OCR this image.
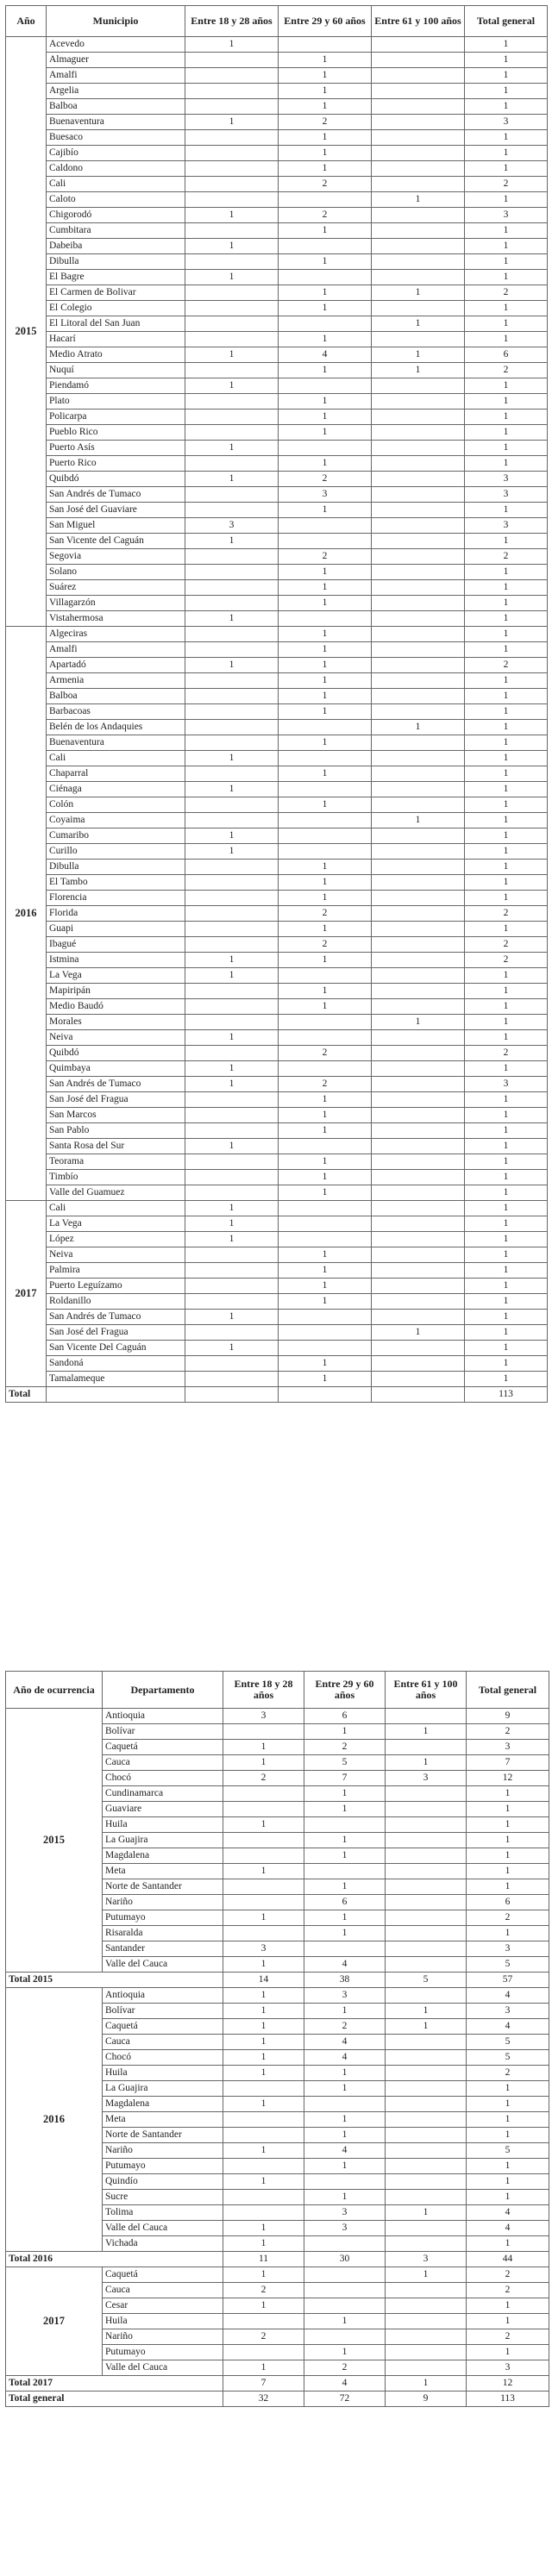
Año	Municipio	Entre 18 y 28 años	Entre 29 y 60 años	Entre 61 y 100 años	Total general
2015	Acevedo	1			1
	Almaguer		1		1
	Amalfi		1		1
	Argelia		1		1
	Balboa		1		1
	Buenaventura	1	2		3
	Buesaco		1		1
	Cajibío		1		1
	Caldono		1		1
	Cali		2		2
	Caloto			1	1
	Chigorodó	1	2		3
	Cumbitara		1		1
	Dabeiba	1			1
	Dibulla		1		1
	El Bagre	1			1
	El Carmen de Bolivar		1	1	2
	El Colegio		1		1
	El Litoral del San Juan			1	1
	Hacarí		1		1
	Medio Atrato	1	4	1	6
	Nuquí		1	1	2
	Piendamó	1			1
	Plato		1		1
	Policarpa		1		1
	Pueblo Rico		1		1
	Puerto Asís	1			1
	Puerto Rico		1		1
	Quibdó	1	2		3
	San Andrés de Tumaco		3		3
	San José del Guaviare		1		1
	San Miguel	3			3
	San Vicente del Caguán	1			1
	Segovia		2		2
	Solano		1		1
	Suárez		1		1
	Villagarzón		1		1
	Vistahermosa	1			1
2016	Algeciras		1		1
	Amalfi		1		1
	Apartadó	1	1		2
	Armenia		1		1
	Balboa		1		1
	Barbacoas		1		1
	Belén de los Andaquies			1	1
	Buenaventura		1		1
	Cali	1			1
	Chaparral		1		1
	Ciénaga	1			1
	Colón		1		1
	Coyaima			1	1
	Cumaribo	1			1
	Curillo	1			1
	Dibulla		1		1
	El Tambo		1		1
	Florencia		1		1
	Florida		2		2
	Guapi		1		1
	Ibagué		2		2
	Istmina	1	1		2
	La Vega	1			1
	Mapiripán		1		1
	Medio Baudó		1		1
	Morales			1	1
	Neiva	1			1
	Quibdó		2		2
	Quimbaya	1			1
	San Andrés de Tumaco	1	2		3
	San José del Fragua		1		1
	San Marcos		1		1
	San Pablo		1		1
	Santa Rosa del Sur	1			1
	Teorama		1		1
	Timbío		1		1
	Valle del Guamuez		1		1
2017	Cali	1			1
	La Vega	1			1
	López	1			1
	Neiva		1		1
	Palmira		1		1
	Puerto Leguízamo		1		1
	Roldanillo		1		1
	San Andrés de Tumaco	1			1
	San José del Fragua			1	1
	San Vicente Del Caguán	1			1
	Sandoná		1		1
	Tamalameque		1		1
Total					113
Año de ocurrencia	Departamento	Entre 18 y 28 años	Entre 29 y 60 años	Entre 61 y 100 años	Total general
2015	Antioquia	3	6		9
	Bolívar		1	1	2
	Caquetá	1	2		3
	Cauca	1	5	1	7
	Chocó	2	7	3	12
	Cundinamarca		1		1
	Guaviare		1		1
	Huila	1			1
	La Guajira		1		1
	Magdalena		1		1
	Meta	1			1
	Norte de Santander		1		1
	Nariño		6		6
	Putumayo	1	1		2
	Risaralda		1		1
	Santander	3			3
	Valle del Cauca	1	4		5
Total 2015		14	38	5	57
2016	Antioquia	1	3		4
	Bolívar	1	1	1	3
	Caquetá	1	2	1	4
	Cauca	1	4		5
	Chocó	1	4		5
	Huila	1	1		2
	La Guajira		1		1
	Magdalena	1			1
	Meta		1		1
	Norte de Santander		1		1
	Nariño	1	4		5
	Putumayo		1		1
	Quindío	1			1
	Sucre		1		1
	Tolima		3	1	4
	Valle del Cauca	1	3		4
	Vichada	1			1
Total 2016		11	30	3	44
2017	Caquetá	1		1	2
	Cauca	2			2
	Cesar	1			1
	Huila		1		1
	Nariño	2			2
	Putumayo		1		1
	Valle del Cauca	1	2		3
Total 2017		7	4	1	12
Total general		32	72	9	113
